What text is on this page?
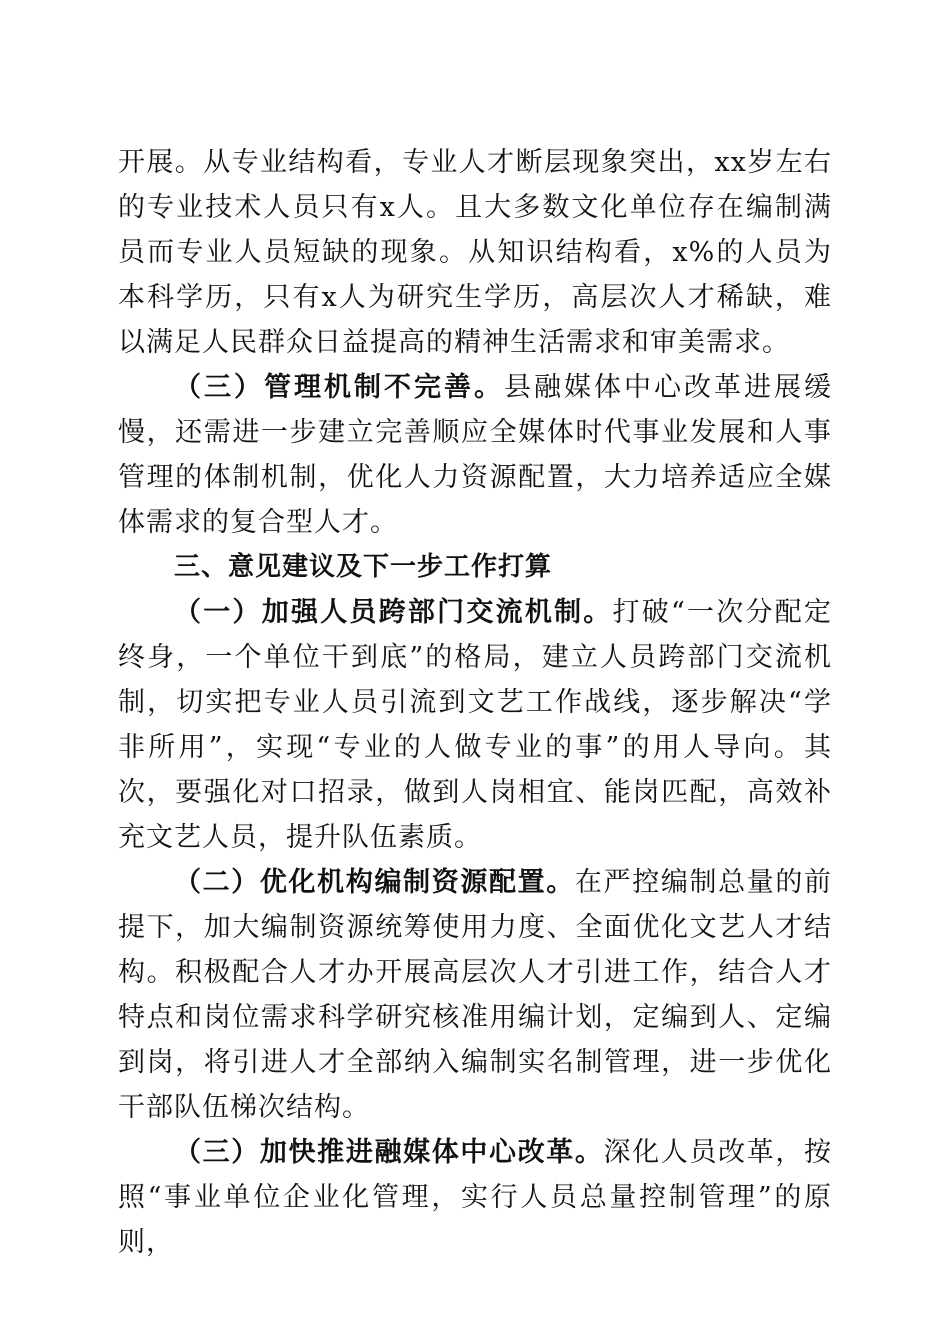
开展。从专业结构看，专业人才断层现象突出，xx岁左右的专业技术人员只有x人。且大多数文化单位存在编制满员而专业人员短缺的现象。从知识结构看，x%的人员为本科学历，只有x人为研究生学历，高层次人才稀缺，难以满足人民群众日益提高的精神生活需求和审美需求。

（三）管理机制不完善。县融媒体中心改革进展缓慢，还需进一步建立完善顺应全媒体时代事业发展和人事管理的体制机制，优化人力资源配置，大力培养适应全媒体需求的复合型人才。

三、意见建议及下一步工作打算

（一）加强人员跨部门交流机制。打破“一次分配定终身，一个单位干到底”的格局，建立人员跨部门交流机制，切实把专业人员引流到文艺工作战线，逐步解决“学非所用”，实现“专业的人做专业的事”的用人导向。其次，要强化对口招录，做到人岗相宜、能岗匹配，高效补充文艺人员，提升队伍素质。

（二）优化机构编制资源配置。在严控编制总量的前提下，加大编制资源统筹使用力度、全面优化文艺人才结构。积极配合人才办开展高层次人才引进工作，结合人才特点和岗位需求科学研究核准用编计划，定编到人、定编到岗，将引进人才全部纳入编制实名制管理，进一步优化干部队伍梯次结构。

（三）加快推进融媒体中心改革。深化人员改革，按照“事业单位企业化管理，实行人员总量控制管理”的原则，
